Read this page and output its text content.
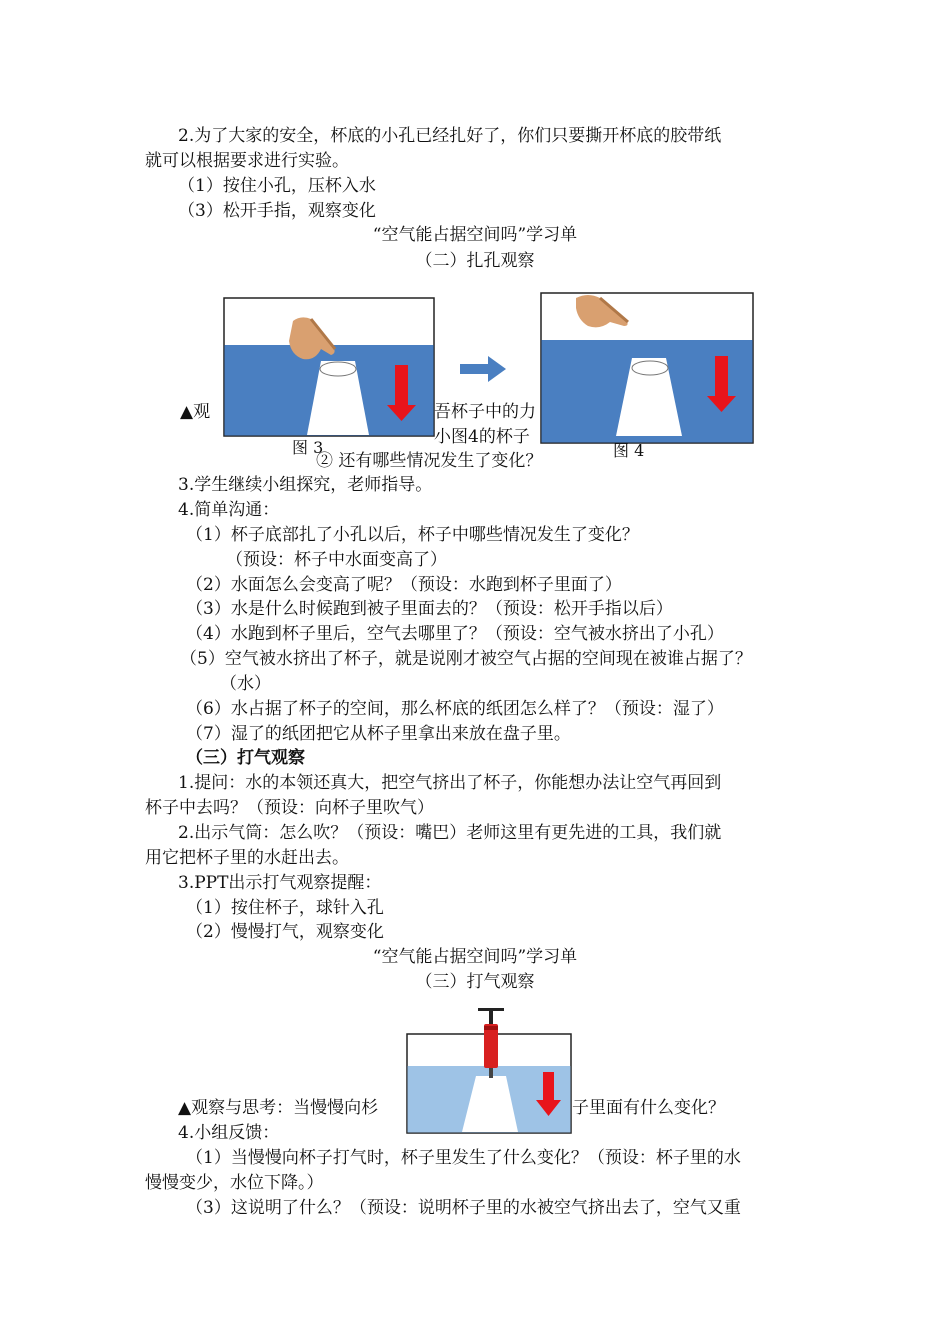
2.为了大家的安全，杯底的小孔已经扎好了，你们只要撕开杯底的胶带纸
就可以根据要求进行实验。
（1）按住小孔，压杯入水
（3）松开手指，观察变化
“空气能占据空间吗”学习单
（二）扎孔观察
▲观	吾杯子中的力
小图4的杯子
图 3	图 4
② 还有哪些情况发生了变化？
3.学生继续小组探究，老师指导。
4.简单沟通：
（1）杯子底部扎了小孔以后，杯子中哪些情况发生了变化？
（预设：杯子中水面变高了）
（2）水面怎么会变高了呢？（预设：水跑到杯子里面了）
（3）水是什么时候跑到被子里面去的？（预设：松开手指以后）
（4）水跑到杯子里后，空气去哪里了？（预设：空气被水挤出了小孔）
（5）空气被水挤出了杯子，就是说刚才被空气占据的空间现在被谁占据了？
（水）
（6）水占据了杯子的空间，那么杯底的纸团怎么样了？（预设：湿了）
（7）湿了的纸团把它从杯子里拿出来放在盘子里。
（三）打气观察
1.提问：水的本领还真大，把空气挤出了杯子，你能想办法让空气再回到
杯子中去吗？（预设：向杯子里吹气）
2.出示气筒：怎么吹？（预设：嘴巴）老师这里有更先进的工具，我们就
用它把杯子里的水赶出去。
3.PPT出示打气观察提醒：
（1）按住杯子，球针入孔
（2）慢慢打气，观察变化
“空气能占据空间吗”学习单
（三）打气观察
▲观察与思考：当慢慢向杉	子里面有什么变化？
4.小组反馈：
（1）当慢慢向杯子打气时，杯子里发生了什么变化？（预设：杯子里的水
慢慢变少，水位下降。）
（3）这说明了什么？（预设：说明杯子里的水被空气挤出去了，空气又重
